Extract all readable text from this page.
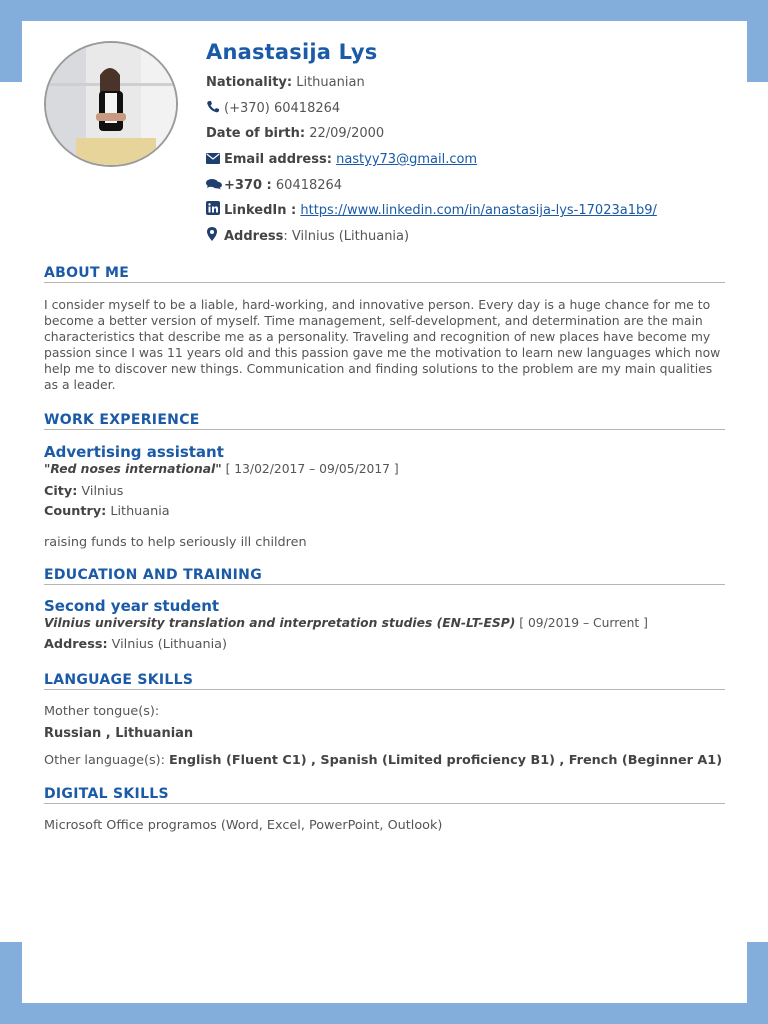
Anastasija Lys
Nationality: Lithuanian
(+370) 60418264
Date of birth: 22/09/2000
Email address: nastyy73@gmail.com
+370 : 60418264
LinkedIn : https://www.linkedin.com/in/anastasija-lys-17023a1b9/
Address: Vilnius (Lithuania)
ABOUT ME

I consider myself to be a liable, hard-working, and innovative person. Every day is a huge chance for me to become a better version of myself. Time management, self-development, and determination are the main characteristics that describe me as a personality. Traveling and recognition of new places have become my passion since I was 11 years old and this passion gave me the motivation to learn new languages which now help me to discover new things. Communication and finding solutions to the problem are my main qualities as a leader.

WORK EXPERIENCE
Advertising assistant
"Red noses international" [ 13/02/2017 – 09/05/2017 ]
City: Vilnius
Country: Lithuania
raising funds to help seriously ill children
EDUCATION AND TRAINING
Second year student
Vilnius university translation and interpretation studies (EN-LT-ESP) [ 09/2019 – Current ]
Address: Vilnius (Lithuania)
LANGUAGE SKILLS
Mother tongue(s):
Russian , Lithuanian
Other language(s): English (Fluent C1) , Spanish (Limited proficiency B1) , French (Beginner A1)
DIGITAL SKILLS
Microsoft Office programos (Word, Excel, PowerPoint, Outlook)
